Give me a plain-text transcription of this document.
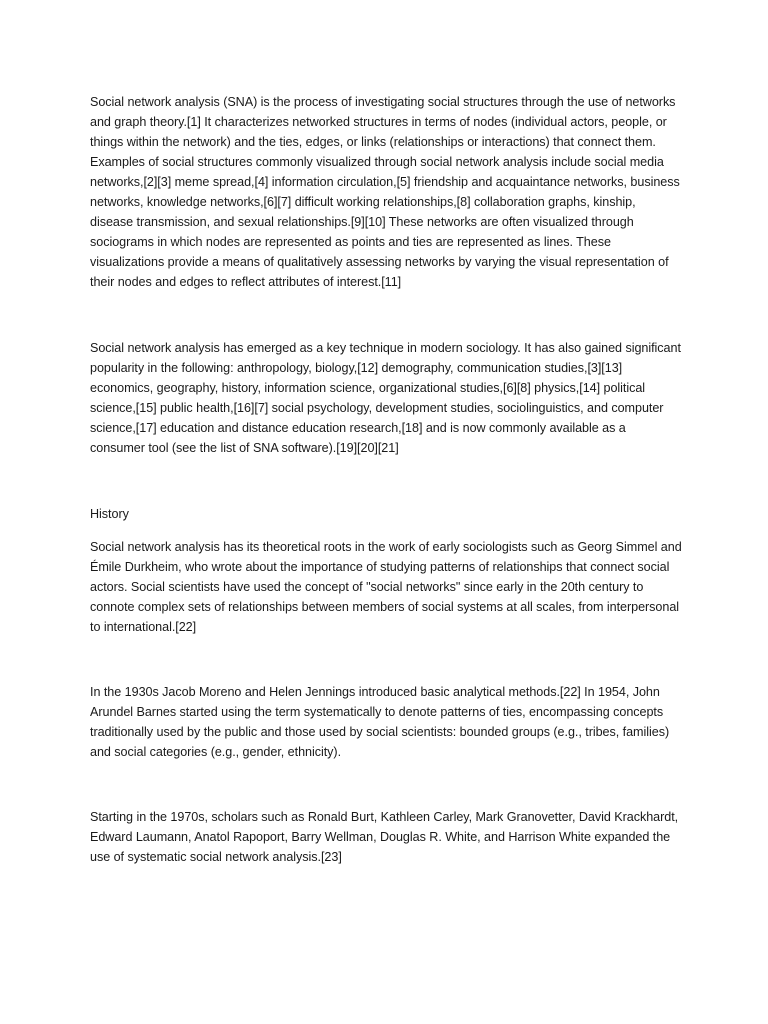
Social network analysis (SNA) is the process of investigating social structures through the use of networks and graph theory.[1] It characterizes networked structures in terms of nodes (individual actors, people, or things within the network) and the ties, edges, or links (relationships or interactions) that connect them. Examples of social structures commonly visualized through social network analysis include social media networks,[2][3] meme spread,[4] information circulation,[5] friendship and acquaintance networks, business networks, knowledge networks,[6][7] difficult working relationships,[8] collaboration graphs, kinship, disease transmission, and sexual relationships.[9][10] These networks are often visualized through sociograms in which nodes are represented as points and ties are represented as lines. These visualizations provide a means of qualitatively assessing networks by varying the visual representation of their nodes and edges to reflect attributes of interest.[11]

Social network analysis has emerged as a key technique in modern sociology. It has also gained significant popularity in the following: anthropology, biology,[12] demography, communication studies,[3][13] economics, geography, history, information science, organizational studies,[6][8] physics,[14] political science,[15] public health,[16][7] social psychology, development studies, sociolinguistics, and computer science,[17] education and distance education research,[18] and is now commonly available as a consumer tool (see the list of SNA software).[19][20][21]

History

Social network analysis has its theoretical roots in the work of early sociologists such as Georg Simmel and Émile Durkheim, who wrote about the importance of studying patterns of relationships that connect social actors. Social scientists have used the concept of "social networks" since early in the 20th century to connote complex sets of relationships between members of social systems at all scales, from interpersonal to international.[22]

In the 1930s Jacob Moreno and Helen Jennings introduced basic analytical methods.[22] In 1954, John Arundel Barnes started using the term systematically to denote patterns of ties, encompassing concepts traditionally used by the public and those used by social scientists: bounded groups (e.g., tribes, families) and social categories (e.g., gender, ethnicity).

Starting in the 1970s, scholars such as Ronald Burt, Kathleen Carley, Mark Granovetter, David Krackhardt, Edward Laumann, Anatol Rapoport, Barry Wellman, Douglas R. White, and Harrison White expanded the use of systematic social network analysis.[23]
